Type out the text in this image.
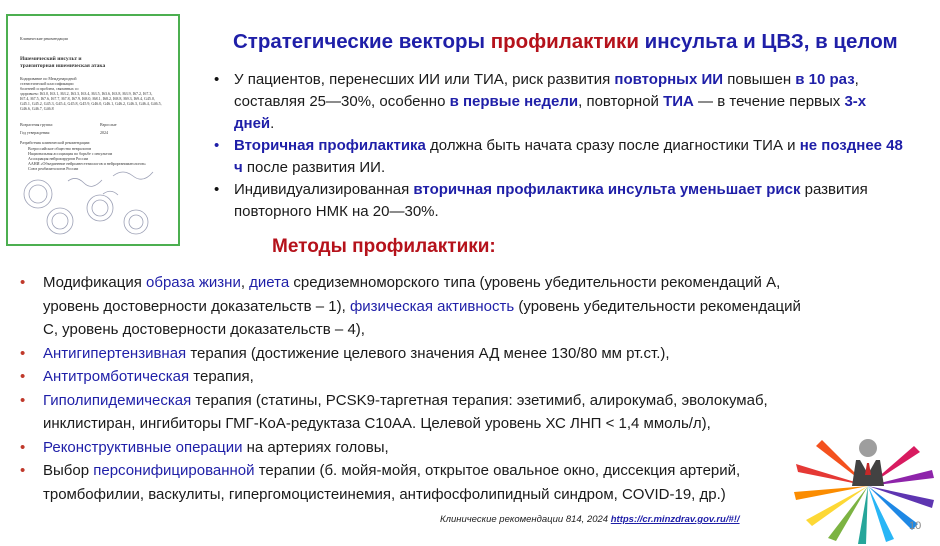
Клинические рекомендации
Ишемический инсульт и
транзиторная ишемическая атака
Кодирование по Международной
статистической классификации
болезней и проблем, связанных со
здоровьем: I63.0, I63.1, I63.2, I63.3, I63.4, I63.5, I63.6, I63.8, I63.9, I67.2, I67.3,
I67.4, I67.5, I67.6, I67.7, I67.8, I67.9, I68.0, I68.1, I68.2, I68.8, I69.3, I69.4, G45.0,
G45.1, G45.2, G45.3, G45.4, G45.8, G45.9, G46.0, G46.1, G46.2, G46.3, G46.4, G46.5,
G46.6, G46.7, G46.8
Возрастная группа:	Взрослые
Год утверждения:	2024
Разработчик клинической рекомендации:
Всероссийское общество неврологов
Национальная ассоциация по борьбе с инсультом
Ассоциация нейрохирургов России
ААНИ «Объединение нейроанестезиологов и нейрореаниматологов»
Союз реабилитологов России
Стратегические векторы профилактики инсульта и ЦВЗ, в целом
• У пациентов, перенесших ИИ или ТИА, риск развития повторных ИИ повышен в 10 раз, составляя 25—30%, особенно в первые недели, повторной ТИА — в течение первых 3-х дней.
• Вторичная профилактика должна быть начата сразу после диагностики ТИА и не позднее 48 ч после развития ИИ.
• Индивидуализированная вторичная профилактика инсульта уменьшает риск развития повторного НМК на 20—30%.
Методы профилактики:
• Модификация образа жизни, диета средиземноморского типа (уровень убедительности рекомендаций А, уровень достоверности доказательств – 1), физическая активность (уровень убедительности рекомендаций С, уровень достоверности доказательств – 4),
• Антигипертензивная терапия (достижение целевого значения АД менее 130/80 мм рт.ст.),
• Антитромботическая терапия,
• Гиполипидемическая терапия (статины, PCSK9-таргетная терапия: эзетимиб, алирокумаб, эволокумаб, инклистиран, ингибиторы ГМГ-КоА-редуктаза С10АА. Целевой уровень ХС ЛНП < 1,4 ммоль/л),
• Реконструктивные операции на артериях головы,
• Выбор персонифицированной терапии (б. мойя-мойя, открытое овальное окно, диссекция артерий, тромбофилии, васкулиты, гипергомоцистеинемия, антифосфолипидный синдром, COVID-19, др.)
Клинические рекомендации 814, 2024 https://cr.minzdrav.gov.ru/#!/
10
